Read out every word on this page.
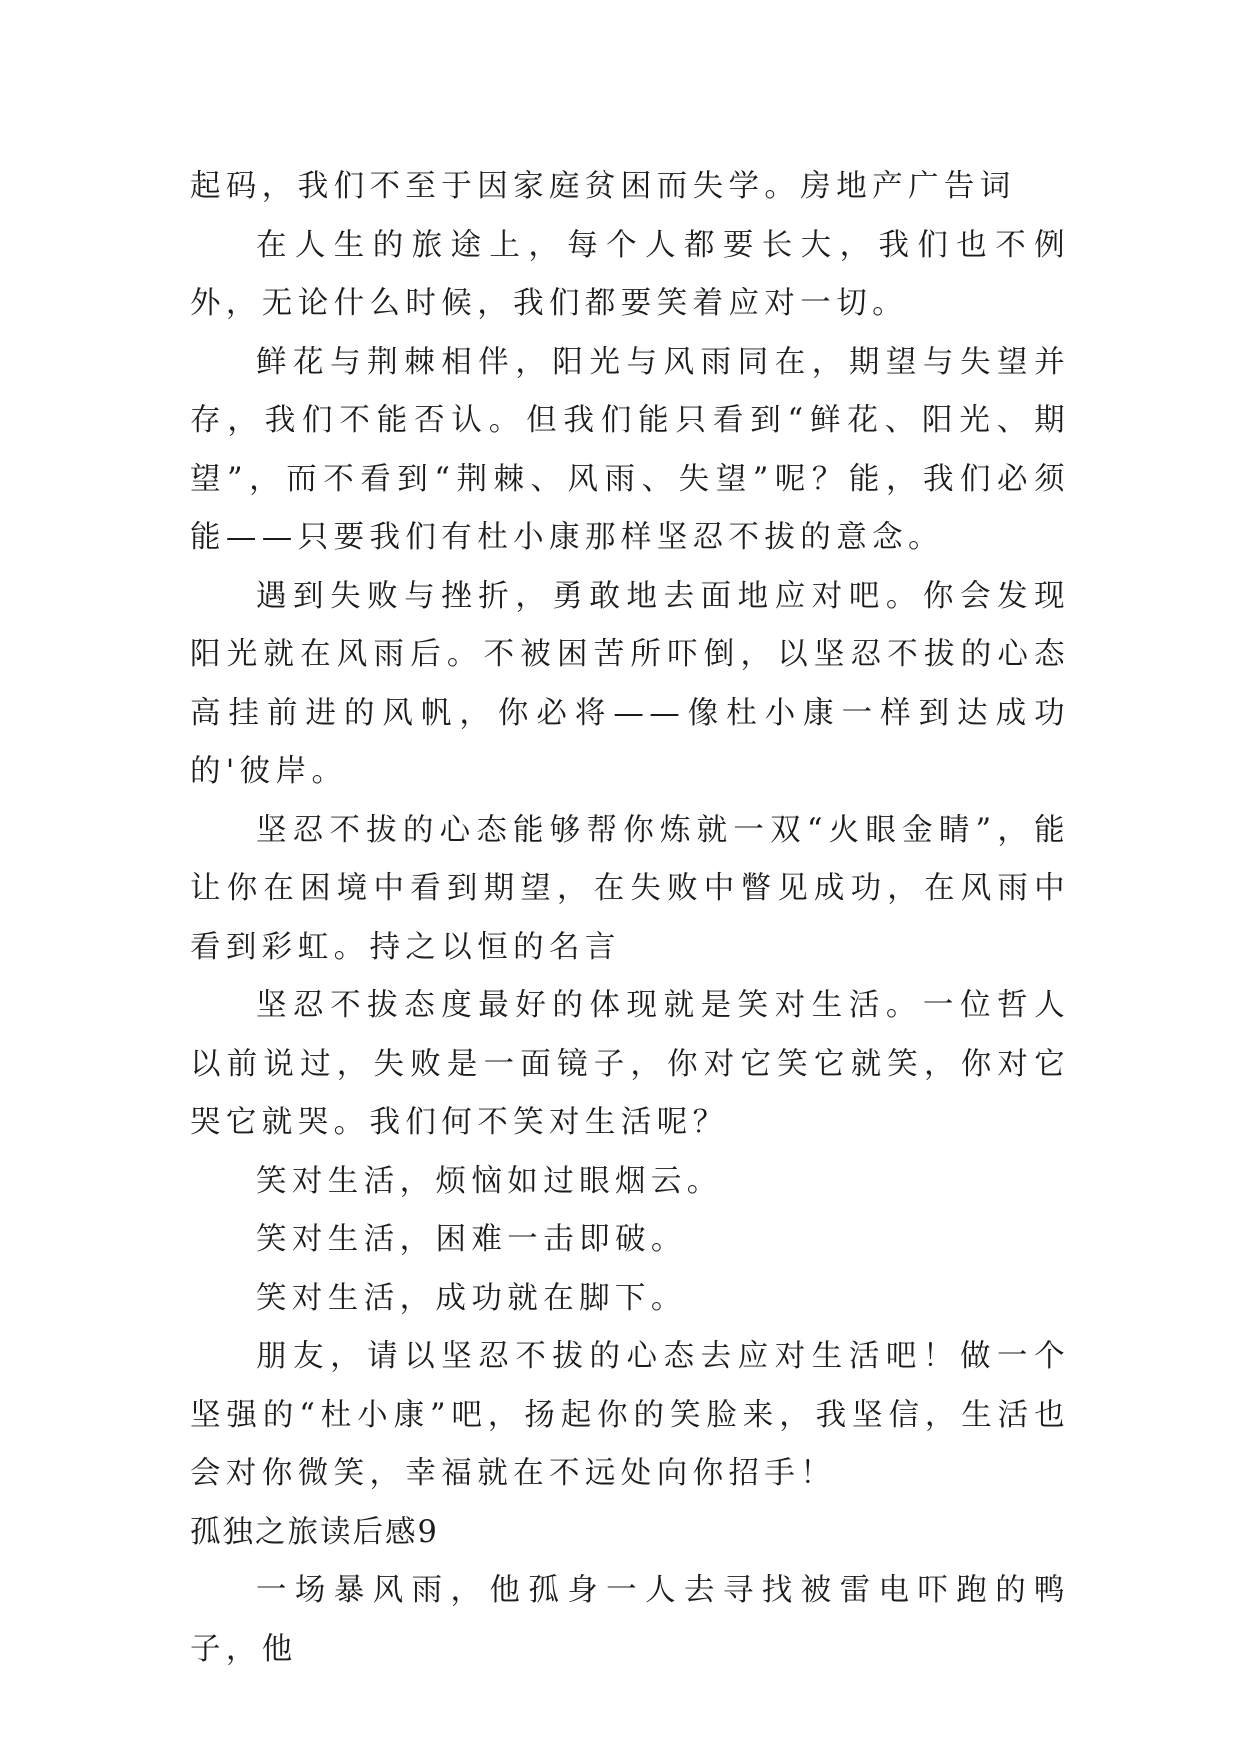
起码，我们不至于因家庭贫困而失学。房地产广告词

在人生的旅途上，每个人都要长大，我们也不例外，无论什么时候，我们都要笑着应对一切。

鲜花与荆棘相伴，阳光与风雨同在，期望与失望并存，我们不能否认。但我们能只看到“鲜花、阳光、期望”，而不看到“荆棘、风雨、失望”呢？能，我们必须能——只要我们有杜小康那样坚忍不拔的意念。

遇到失败与挫折，勇敢地去面地应对吧。你会发现阳光就在风雨后。不被困苦所吓倒，以坚忍不拔的心态高挂前进的风帆，你必将——像杜小康一样到达成功的'彼岸。

坚忍不拔的心态能够帮你炼就一双“火眼金睛”，能让你在困境中看到期望，在失败中瞥见成功，在风雨中看到彩虹。持之以恒的名言

坚忍不拔态度最好的体现就是笑对生活。一位哲人以前说过，失败是一面镜子，你对它笑它就笑，你对它哭它就哭。我们何不笑对生活呢？

笑对生活，烦恼如过眼烟云。

笑对生活，困难一击即破。

笑对生活，成功就在脚下。

朋友，请以坚忍不拔的心态去应对生活吧！做一个坚强的“杜小康”吧，扬起你的笑脸来，我坚信，生活也会对你微笑，幸福就在不远处向你招手！

孤独之旅读后感9

一场暴风雨，他孤身一人去寻找被雷电吓跑的鸭子，他
